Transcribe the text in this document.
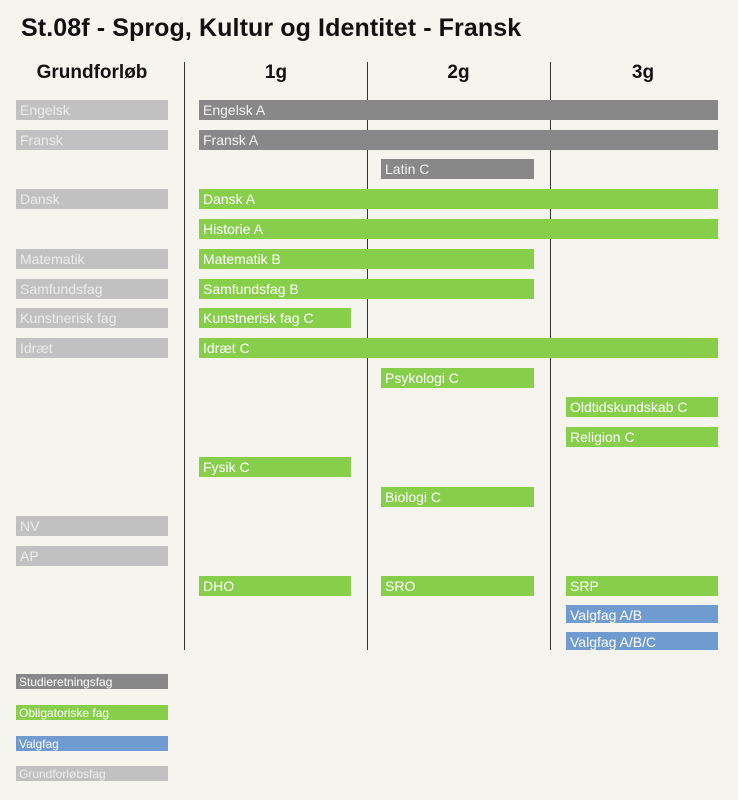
St.08f - Sprog, Kultur og Identitet - Fransk
Grundforløb	1g	2g	3g
Engelsk
Fransk
Dansk
Matematik
Samfundsfag
Kunstnerisk fag
Idræt
NV
AP
Engelsk A
Fransk A
Latin C
Dansk A
Historie A
Matematik B
Samfundsfag B
Kunstnerisk fag C
Idræt C
Psykologi C
Oldtidskundskab C
Religion C
Fysik C
Biologi C
DHO	SRO	SRP
Valgfag A/B
Valgfag A/B/C
Studieretningsfag
Obligatoriske fag
Valgfag
Grundforløbsfag
